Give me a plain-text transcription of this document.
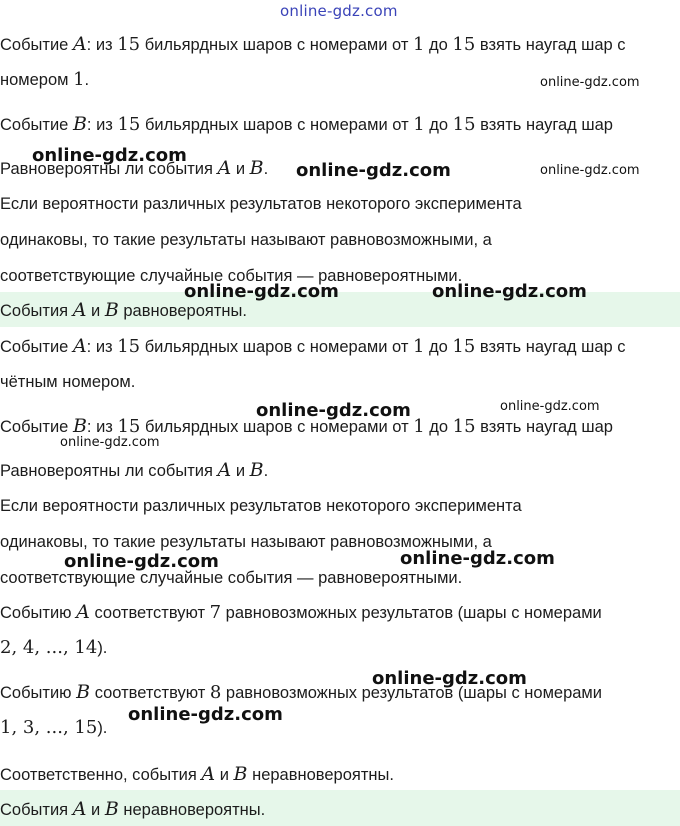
online-gdz.com
Событие A: из 15 бильярдных шаров с номерами от 1 до 15 взять наугад шар с
номером 1.
Событие B: из 15 бильярдных шаров с номерами от 1 до 15 взять наугад шар
Равновероятны ли события A и B.
Если вероятности различных результатов некоторого эксперимента
одинаковы, то такие результаты называют равновозможными, а
соответствующие случайные события — равновероятными.
События A и B равновероятны.
Событие A: из 15 бильярдных шаров с номерами от 1 до 15 взять наугад шар с
чётным номером.
Событие B: из 15 бильярдных шаров с номерами от 1 до 15 взять наугад шар
Равновероятны ли события A и B.
Если вероятности различных результатов некоторого эксперимента
одинаковы, то такие результаты называют равновозможными, а
соответствующие случайные события — равновероятными.
Событию A соответствуют 7 равновозможных результатов (шары с номерами
2, 4, ..., 14).
Событию B соответствуют 8 равновозможных результатов (шары с номерами
1, 3, ..., 15).
Соответственно, события A и B неравновероятны.
События A и B неравновероятны.
online-gdz.com
online-gdz.com
online-gdz.com	online-gdz.com
online-gdz.com	online-gdz.com
online-gdz.com	online-gdz.com
online-gdz.com
online-gdz.com	online-gdz.com
online-gdz.com
online-gdz.com
